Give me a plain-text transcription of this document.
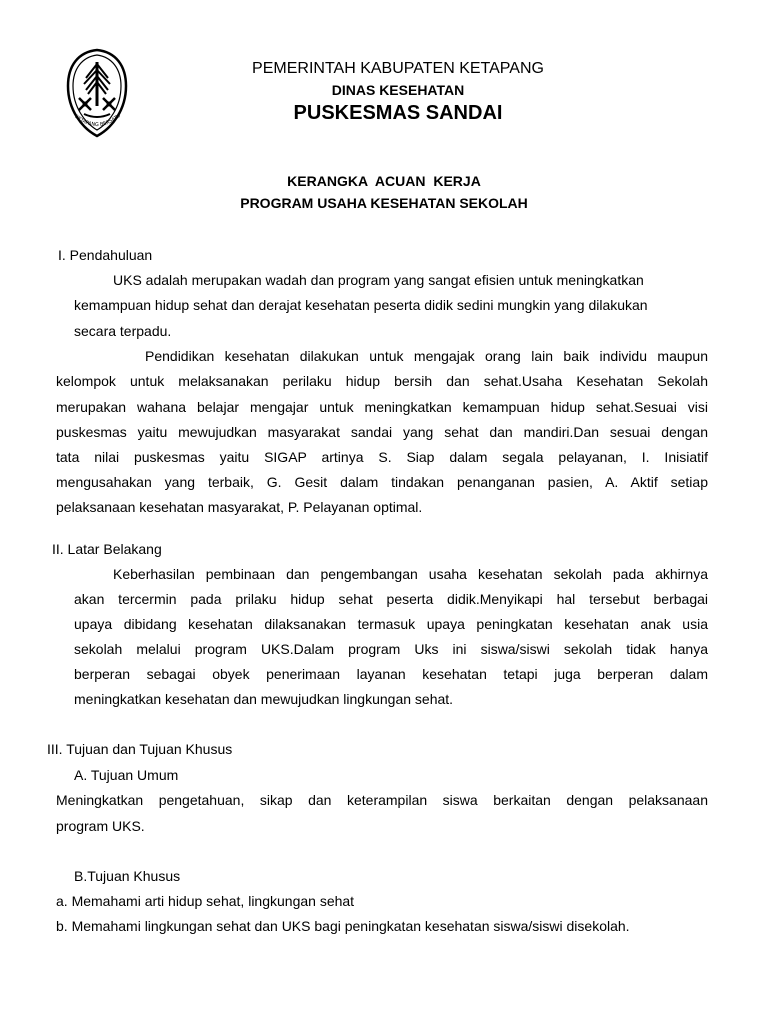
KETAPANG BERSATU
PEMERINTAH KABUPATEN KETAPANG
DINAS KESEHATAN
PUSKESMAS SANDAI
KERANGKA ACUAN KERJA
PROGRAM USAHA KESEHATAN SEKOLAH
I. Pendahuluan
UKS adalah merupakan wadah dan program yang sangat efisien untuk meningkatkan
kemampuan hidup sehat dan derajat kesehatan peserta didik sedini mungkin yang dilakukan
secara terpadu.
Pendidikan kesehatan dilakukan untuk mengajak orang lain baik individu maupun
kelompok untuk melaksanakan perilaku hidup bersih dan sehat.Usaha Kesehatan Sekolah
merupakan wahana belajar mengajar untuk meningkatkan kemampuan hidup sehat.Sesuai visi
puskesmas yaitu mewujudkan masyarakat sandai yang sehat dan mandiri.Dan sesuai dengan
tata nilai puskesmas yaitu SIGAP artinya S. Siap dalam segala pelayanan, I. Inisiatif
mengusahakan yang terbaik, G. Gesit dalam tindakan penanganan pasien, A. Aktif setiap
pelaksanaan kesehatan masyarakat, P. Pelayanan optimal.
II. Latar Belakang
Keberhasilan pembinaan dan pengembangan usaha kesehatan sekolah pada akhirnya
akan tercermin pada prilaku hidup sehat peserta didik.Menyikapi hal tersebut berbagai
upaya dibidang kesehatan dilaksanakan termasuk upaya peningkatan kesehatan anak usia
sekolah melalui program UKS.Dalam program Uks ini siswa/siswi sekolah tidak hanya
berperan sebagai obyek penerimaan layanan kesehatan tetapi juga berperan dalam
meningkatkan kesehatan dan mewujudkan lingkungan sehat.
III. Tujuan dan Tujuan Khusus
A. Tujuan Umum
Meningkatkan pengetahuan, sikap dan keterampilan siswa berkaitan dengan pelaksanaan
program UKS.
B.Tujuan Khusus
a. Memahami arti hidup sehat, lingkungan sehat
b. Memahami lingkungan sehat dan UKS bagi peningkatan kesehatan siswa/siswi disekolah.
